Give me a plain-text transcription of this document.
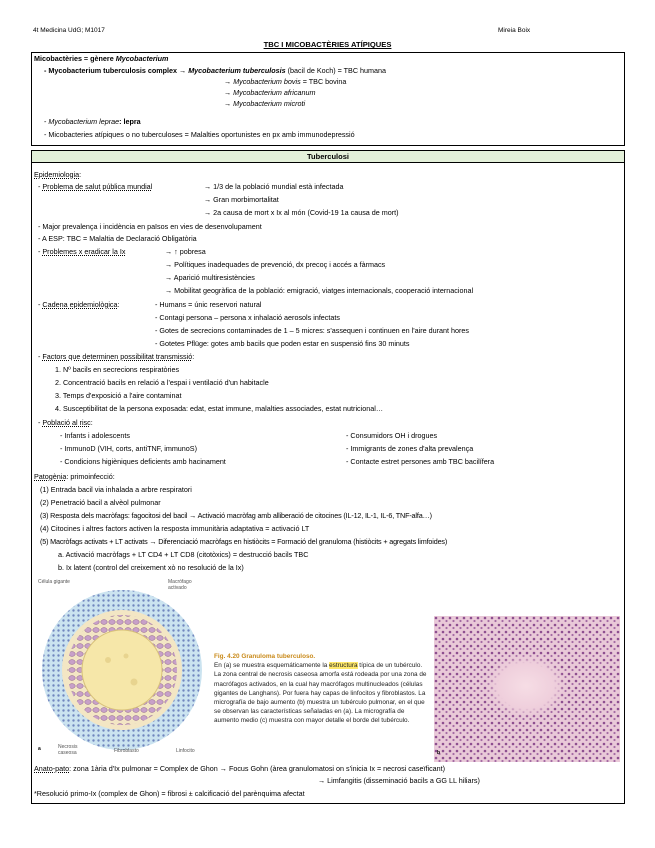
4t Medicina UdG; M1017	Mireia Boix
TBC I MICOBACTÈRIES ATÍPIQUES
Micobactèries = gènere Mycobacterium
- Mycobacterium tuberculosis complex → Mycobacterium tuberculosis (bacil de Koch) = TBC humana
→ Mycobacterium bovis = TBC bovina
→ Mycobacterium africanum
→ Mycobacterium microti
- Mycobacterium leprae: lepra
- Micobacteries atípiques o no tuberculoses = Malalties oportunistes en px amb immunodepressió
Tuberculosi
Epidemiologia:
- Problema de salut pública mundial	→ 1/3 de la població mundial està infectada
→ Gran morbimortalitat
→ 2a causa de mort x Ix al món (Covid-19 1a causa de mort)
- Major prevalença i incidència en països en vies de desenvolupament
- A ESP: TBC = Malaltia de Declaració Obligatòria
- Problemes x eradicar la Ix	→ ↑ pobresa
→ Polítiques inadequades de prevenció, dx precoç i accés a fàrmacs
→ Aparició multiresistències
→ Mobilitat geogràfica de la població: emigració, viatges internacionals, cooperació internacional
- Cadena epidemiològica:	- Humans = únic reservori natural
- Contagi persona – persona x inhalació aerosols infectats
- Gotes de secrecions contaminades de 1 – 5 micres: s'assequen i continuen en l'aire durant hores
- Gotetes Pflüge: gotes amb bacils que poden estar en suspensió fins 30 minuts
- Factors que determinen possibilitat transmissió:
1. Nº bacils en secrecions respiratòries
2. Concentració bacils en relació a l'espai i ventilació d'un habitacle
3. Temps d'exposició a l'aire contaminat
4. Susceptibilitat de la persona exposada: edat, estat immune, malalties associades, estat nutricional…
- Població al risc:
- Infants i adolescents
- ImmunoD (VIH, corts, antiTNF, immunoS)
- Condicions higièniques deficients amb hacinament
- Consumidors OH i drogues
- Immigrants de zones d'alta prevalença
- Contacte estret persones amb TBC bacilífera
Patogènia: primoinfecció:
(1) Entrada bacil via inhalada a arbre respiratori
(2) Penetració bacil a alvèol pulmonar
(3) Resposta dels macròfags: fagocitosi del bacil → Activació macròfag amb alliberació de citocines (IL-12, IL-1, IL-6, TNF-alfa…)
(4) Citocines i altres factors activen la resposta immunitària adaptativa = activació LT
(5) Macròfags activats + LT activats → Diferenciació macròfags en histiòcits = Formació del granuloma (histiòcits + agregats limfoides)
a. Activació macròfags + LT CD4 + LT CD8 (citotòxics) = destrucció bacils TBC
b. Ix latent (control del creixement xò no resolució de la Ix)
Célula gigante	Macrófago activado
Necrosis caseosa	Fibroblasto	Linfocito
a
Fig. 4.20 Granuloma tuberculoso.
En (a) se muestra esquemáticamente la estructura típica de un tubérculo. La zona central de necrosis caseosa amorfa está rodeada por una zona de macrófagos activados, en la cual hay macrófagos multinucleados (células gigantes de Langhans). Por fuera hay capas de linfocitos y fibroblastos. La micrografía de bajo aumento (b) muestra un tubérculo pulmonar, en el que se observan las características señaladas en (a). La micrografía de aumento medio (c) muestra con mayor detalle el borde del tubérculo.
b
Anato-pato: zona 1ària d'Ix pulmonar = Complex de Ghon → Focus Gohn (àrea granulomatosi on s'inicia Ix = necrosi caseïficant)
→ Limfangitis (disseminació bacils a GG LL hiliars)
*Resolució primo-Ix (complex de Ghon) = fibrosi ± calcificació del parènquima afectat
